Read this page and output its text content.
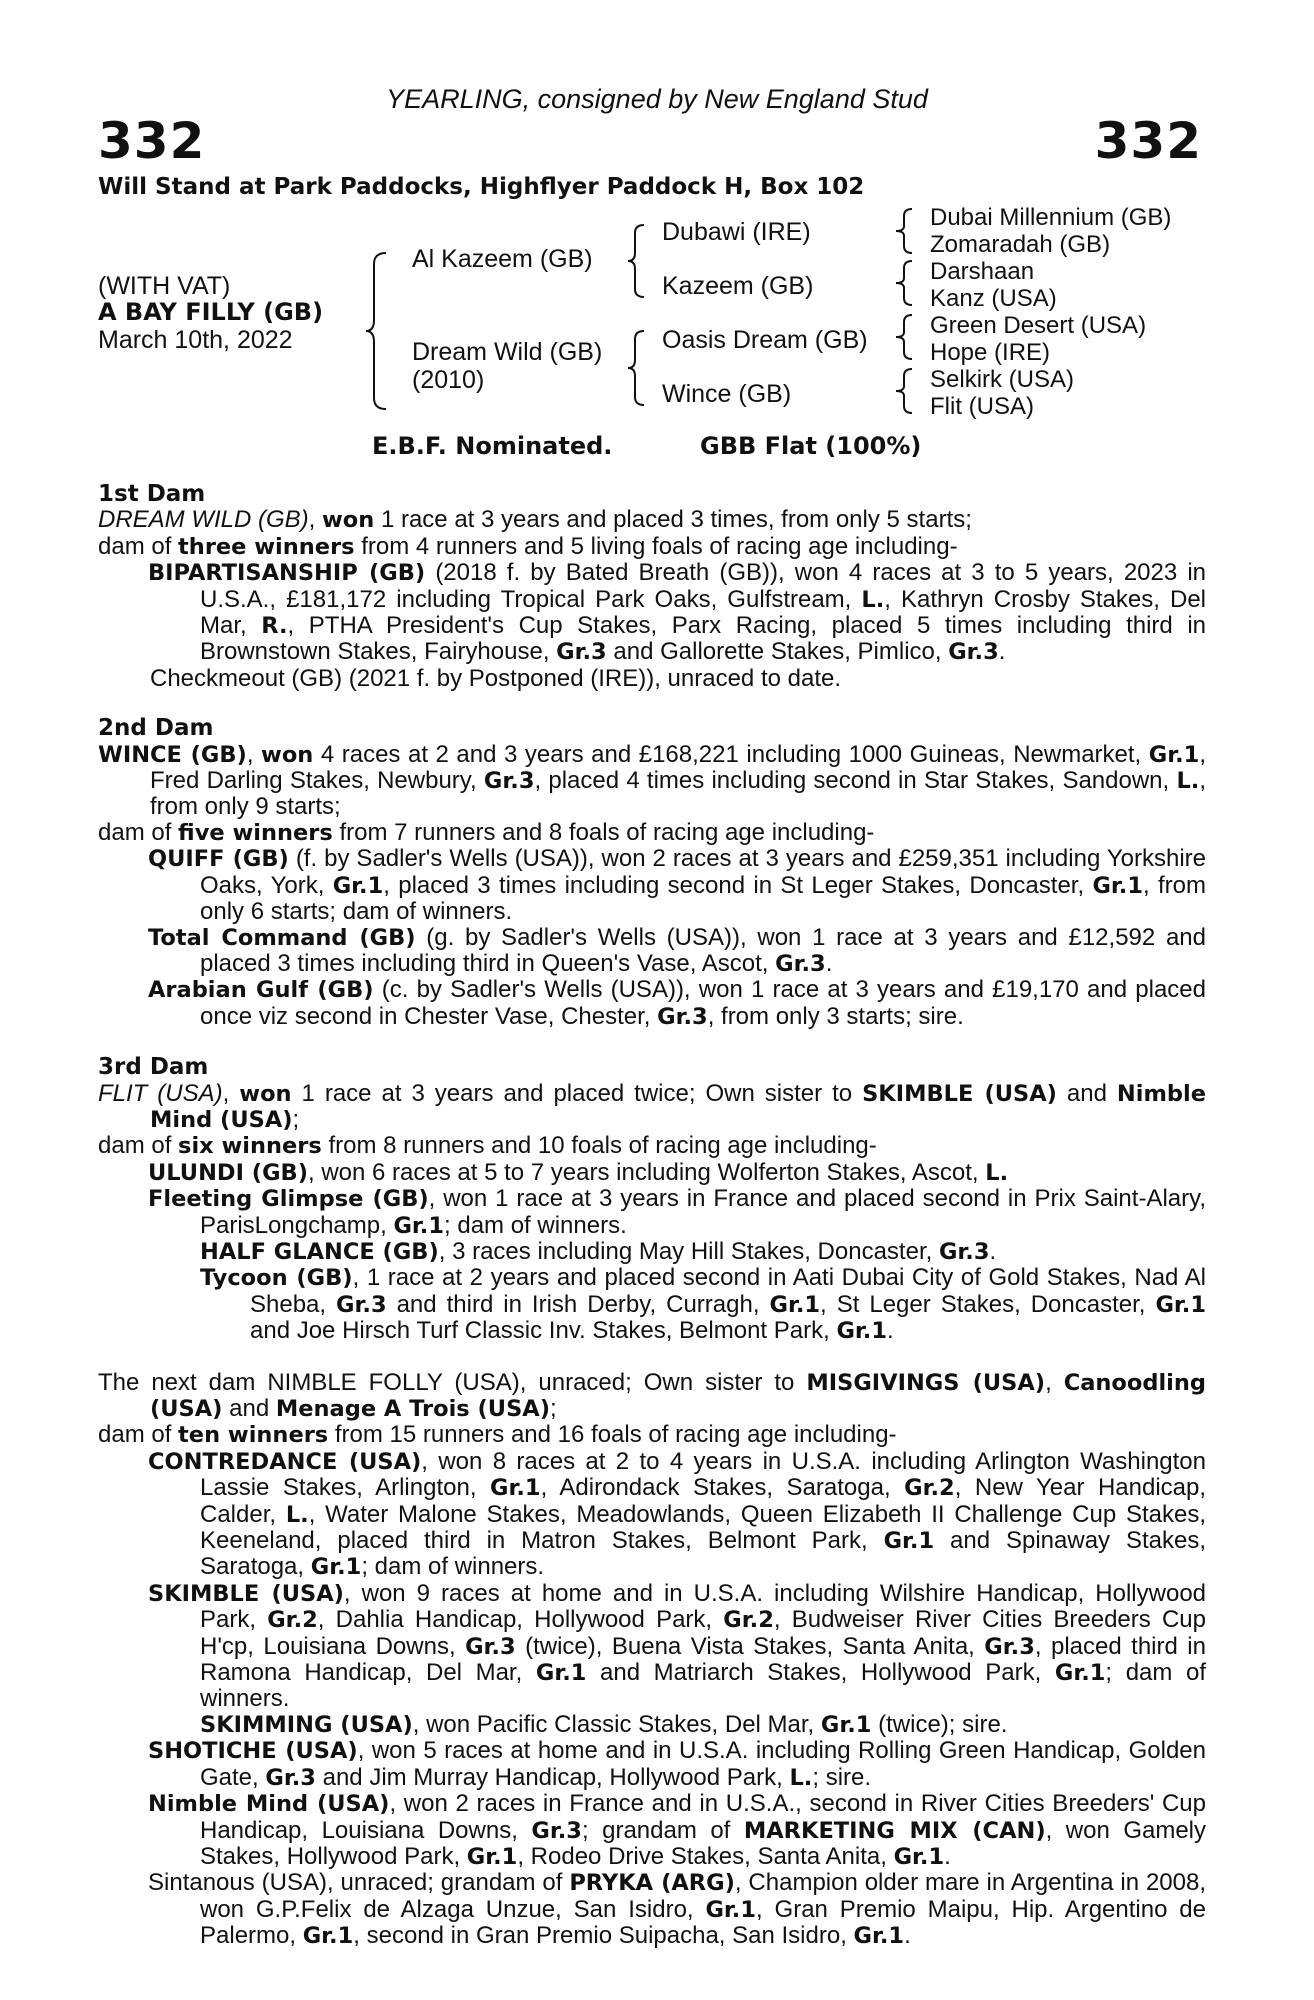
YEARLING, consigned by New England Stud
332	332
Will Stand at Park Paddocks, Highflyer Paddock H, Box 102
(WITH VAT)
A BAY FILLY (GB)
March 10th, 2022
Al Kazeem (GB)
Dream Wild (GB)
(2010)
Dubawi (IRE)
Kazeem (GB)
Oasis Dream (GB)
Wince (GB)
Dubai Millennium (GB)
Zomaradah (GB)
Darshaan
Kanz (USA)
Green Desert (USA)
Hope (IRE)
Selkirk (USA)
Flit (USA)
E.B.F. Nominated.	GBB Flat (100%)
1st Dam

DREAM WILD (GB), won 1 race at 3 years and placed 3 times, from only 5 starts;

dam of three winners from 4 runners and 5 living foals of racing age including-

BIPARTISANSHIP (GB) (2018 f. by Bated Breath (GB)), won 4 races at 3 to 5 years, 2023 in U.S.A., £181,172 including Tropical Park Oaks, Gulfstream, L., Kathryn Crosby Stakes, Del Mar, R., PTHA President's Cup Stakes, Parx Racing, placed 5 times including third in Brownstown Stakes, Fairyhouse, Gr.3 and Gallorette Stakes, Pimlico, Gr.3.

Checkmeout (GB) (2021 f. by Postponed (IRE)), unraced to date.

2nd Dam

WINCE (GB), won 4 races at 2 and 3 years and £168,221 including 1000 Guineas, Newmarket, Gr.1, Fred Darling Stakes, Newbury, Gr.3, placed 4 times including second in Star Stakes, Sandown, L., from only 9 starts;

dam of five winners from 7 runners and 8 foals of racing age including-

QUIFF (GB) (f. by Sadler's Wells (USA)), won 2 races at 3 years and £259,351 including Yorkshire Oaks, York, Gr.1, placed 3 times including second in St Leger Stakes, Doncaster, Gr.1, from only 6 starts; dam of winners.

Total Command (GB) (g. by Sadler's Wells (USA)), won 1 race at 3 years and £12,592 and placed 3 times including third in Queen's Vase, Ascot, Gr.3.

Arabian Gulf (GB) (c. by Sadler's Wells (USA)), won 1 race at 3 years and £19,170 and placed once viz second in Chester Vase, Chester, Gr.3, from only 3 starts; sire.

3rd Dam

FLIT (USA), won 1 race at 3 years and placed twice; Own sister to SKIMBLE (USA) and Nimble Mind (USA);

dam of six winners from 8 runners and 10 foals of racing age including-

ULUNDI (GB), won 6 races at 5 to 7 years including Wolferton Stakes, Ascot, L.

Fleeting Glimpse (GB), won 1 race at 3 years in France and placed second in Prix Saint-Alary, ParisLongchamp, Gr.1; dam of winners.

HALF GLANCE (GB), 3 races including May Hill Stakes, Doncaster, Gr.3.

Tycoon (GB), 1 race at 2 years and placed second in Aati Dubai City of Gold Stakes, Nad Al Sheba, Gr.3 and third in Irish Derby, Curragh, Gr.1, St Leger Stakes, Doncaster, Gr.1 and Joe Hirsch Turf Classic Inv. Stakes, Belmont Park, Gr.1.

The next dam NIMBLE FOLLY (USA), unraced; Own sister to MISGIVINGS (USA), Canoodling (USA) and Menage A Trois (USA);

dam of ten winners from 15 runners and 16 foals of racing age including-

CONTREDANCE (USA), won 8 races at 2 to 4 years in U.S.A. including Arlington Washington Lassie Stakes, Arlington, Gr.1, Adirondack Stakes, Saratoga, Gr.2, New Year Handicap, Calder, L., Water Malone Stakes, Meadowlands, Queen Elizabeth II Challenge Cup Stakes, Keeneland, placed third in Matron Stakes, Belmont Park, Gr.1 and Spinaway Stakes, Saratoga, Gr.1; dam of winners.

SKIMBLE (USA), won 9 races at home and in U.S.A. including Wilshire Handicap, Hollywood Park, Gr.2, Dahlia Handicap, Hollywood Park, Gr.2, Budweiser River Cities Breeders Cup H'cp, Louisiana Downs, Gr.3 (twice), Buena Vista Stakes, Santa Anita, Gr.3, placed third in Ramona Handicap, Del Mar, Gr.1 and Matriarch Stakes, Hollywood Park, Gr.1; dam of winners.

SKIMMING (USA), won Pacific Classic Stakes, Del Mar, Gr.1 (twice); sire.

SHOTICHE (USA), won 5 races at home and in U.S.A. including Rolling Green Handicap, Golden Gate, Gr.3 and Jim Murray Handicap, Hollywood Park, L.; sire.

Nimble Mind (USA), won 2 races in France and in U.S.A., second in River Cities Breeders' Cup Handicap, Louisiana Downs, Gr.3; grandam of MARKETING MIX (CAN), won Gamely Stakes, Hollywood Park, Gr.1, Rodeo Drive Stakes, Santa Anita, Gr.1.

Sintanous (USA), unraced; grandam of PRYKA (ARG), Champion older mare in Argentina in 2008, won G.P.Felix de Alzaga Unzue, San Isidro, Gr.1, Gran Premio Maipu, Hip. Argentino de Palermo, Gr.1, second in Gran Premio Suipacha, San Isidro, Gr.1.
